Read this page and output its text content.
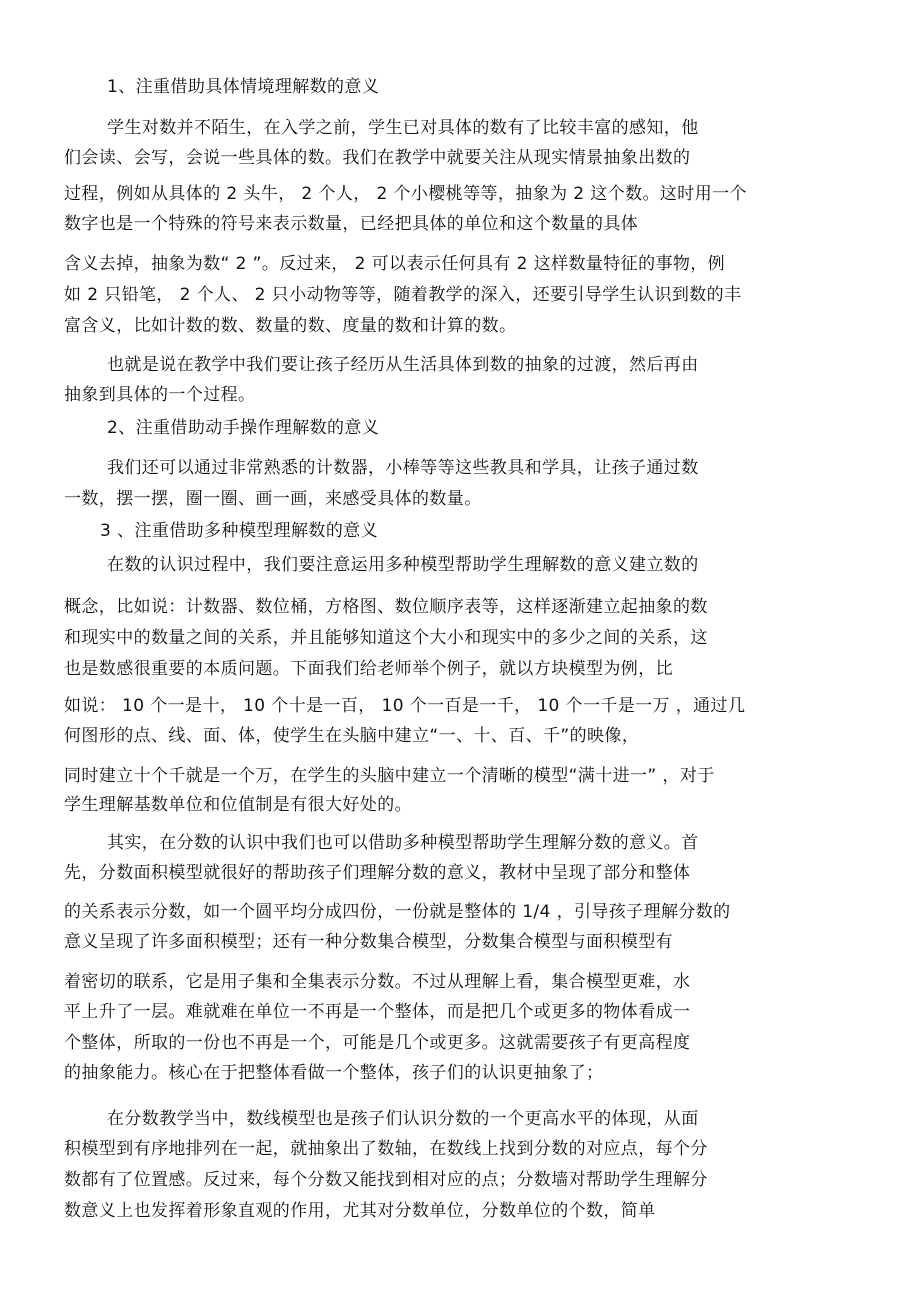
1、注重借助具体情境理解数的意义
学生对数并不陌生，在入学之前，学生已对具体的数有了比较丰富的感知，他
们会读、会写，会说一些具体的数。我们在教学中就要关注从现实情景抽象出数的
过程，例如从具体的 2 头牛， 2 个人， 2 个小樱桃等等，抽象为 2 这个数。这时用一个
数字也是一个特殊的符号来表示数量，已经把具体的单位和这个数量的具体
含义去掉，抽象为数“ 2 ”。反过来， 2 可以表示任何具有 2 这样数量特征的事物，例
如 2 只铅笔， 2 个人、 2 只小动物等等，随着教学的深入，还要引导学生认识到数的丰
富含义，比如计数的数、数量的数、度量的数和计算的数。
也就是说在教学中我们要让孩子经历从生活具体到数的抽象的过渡，然后再由
抽象到具体的一个过程。
2、注重借助动手操作理解数的意义
我们还可以通过非常熟悉的计数器，小棒等等这些教具和学具，让孩子通过数
一数，摆一摆，圈一圈、画一画，来感受具体的数量。
3 、注重借助多种模型理解数的意义
在数的认识过程中，我们要注意运用多种模型帮助学生理解数的意义建立数的
概念，比如说：计数器、数位桶，方格图、数位顺序表等，这样逐渐建立起抽象的数
和现实中的数量之间的关系，并且能够知道这个大小和现实中的多少之间的关系，这
也是数感很重要的本质问题。下面我们给老师举个例子，就以方块模型为例，比
如说： 10 个一是十， 10 个十是一百， 10 个一百是一千， 10 个一千是一万 ，通过几
何图形的点、线、面、体，使学生在头脑中建立“一、十、百、千”的映像，
同时建立十个千就是一个万，在学生的头脑中建立一个清晰的模型“满十进一” ，对于
学生理解基数单位和位值制是有很大好处的。
其实，在分数的认识中我们也可以借助多种模型帮助学生理解分数的意义。首
先，分数面积模型就很好的帮助孩子们理解分数的意义，教材中呈现了部分和整体
的关系表示分数，如一个圆平均分成四份，一份就是整体的 1/4 ，引导孩子理解分数的
意义呈现了许多面积模型；还有一种分数集合模型，分数集合模型与面积模型有
着密切的联系，它是用子集和全集表示分数。不过从理解上看，集合模型更难，水
平上升了一层。难就难在单位一不再是一个整体，而是把几个或更多的物体看成一
个整体，所取的一份也不再是一个，可能是几个或更多。这就需要孩子有更高程度
的抽象能力。核心在于把整体看做一个整体，孩子们的认识更抽象了；
在分数教学当中，数线模型也是孩子们认识分数的一个更高水平的体现，从面
积模型到有序地排列在一起，就抽象出了数轴，在数线上找到分数的对应点，每个分
数都有了位置感。反过来，每个分数又能找到相对应的点；分数墙对帮助学生理解分
数意义上也发挥着形象直观的作用，尤其对分数单位，分数单位的个数，简单
